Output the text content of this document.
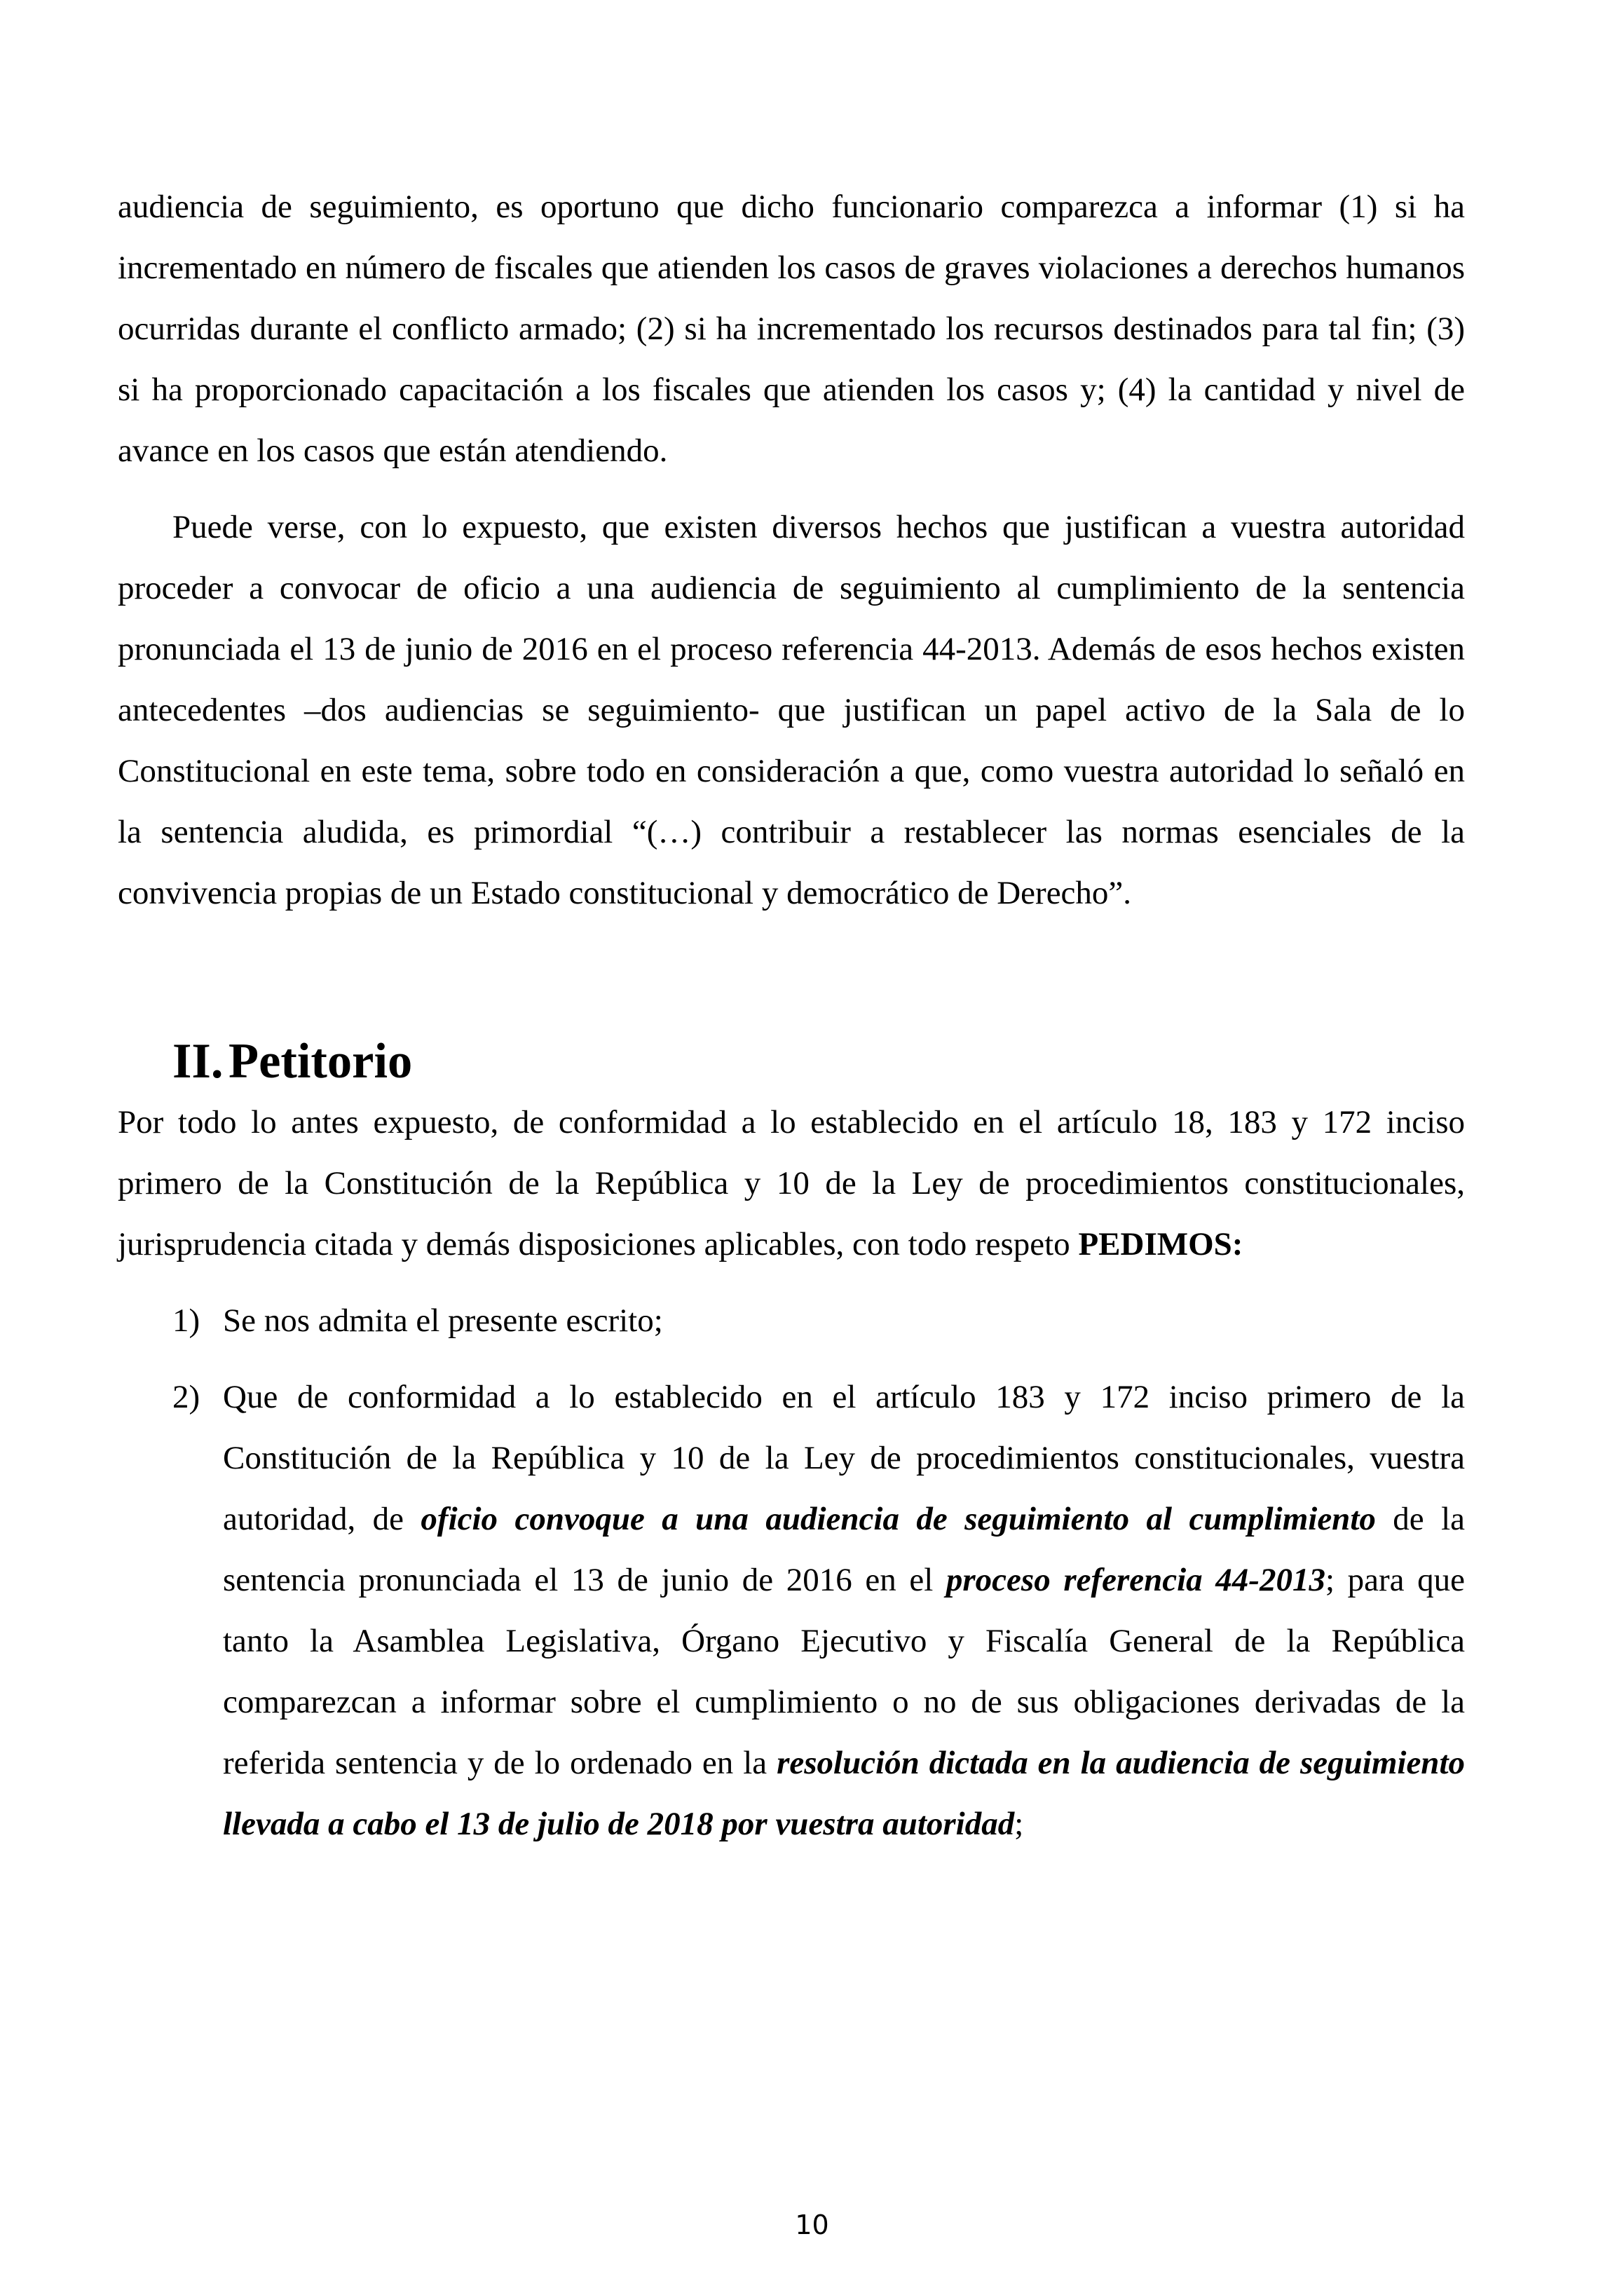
audiencia de seguimiento, es oportuno que dicho funcionario comparezca a informar (1) si ha incrementado en número de fiscales que atienden los casos de graves violaciones a derechos humanos ocurridas durante el conflicto armado; (2) si ha incrementado los recursos destinados para tal fin; (3) si ha proporcionado capacitación a los fiscales que atienden los casos y; (4) la cantidad y nivel de avance en los casos que están atendiendo.

Puede verse, con lo expuesto, que existen diversos hechos que justifican a vuestra autoridad proceder a convocar de oficio a una audiencia de seguimiento al cumplimiento de la sentencia pronunciada el 13 de junio de 2016 en el proceso referencia 44-2013. Además de esos hechos existen antecedentes –dos audiencias se seguimiento- que justifican un papel activo de la Sala de lo Constitucional en este tema, sobre todo en consideración a que, como vuestra autoridad lo señaló en la sentencia aludida, es primordial “(…) contribuir a restablecer las normas esenciales de la convivencia propias de un Estado constitucional y democrático de Derecho”.

II. Petitorio

Por todo lo antes expuesto, de conformidad a lo establecido en el artículo 18, 183 y 172 inciso primero de la Constitución de la República y 10 de la Ley de procedimientos constitucionales, jurisprudencia citada y demás disposiciones aplicables, con todo respeto PEDIMOS:

1) Se nos admita el presente escrito;
2) Que de conformidad a lo establecido en el artículo 183 y 172 inciso primero de la Constitución de la República y 10 de la Ley de procedimientos constitucionales, vuestra autoridad, de oficio convoque a una audiencia de seguimiento al cumplimiento de la sentencia pronunciada el 13 de junio de 2016 en el proceso referencia 44-2013; para que tanto la Asamblea Legislativa, Órgano Ejecutivo y Fiscalía General de la República comparezcan a informar sobre el cumplimiento o no de sus obligaciones derivadas de la referida sentencia y de lo ordenado en la resolución dictada en la audiencia de seguimiento llevada a cabo el 13 de julio de 2018 por vuestra autoridad;
10
